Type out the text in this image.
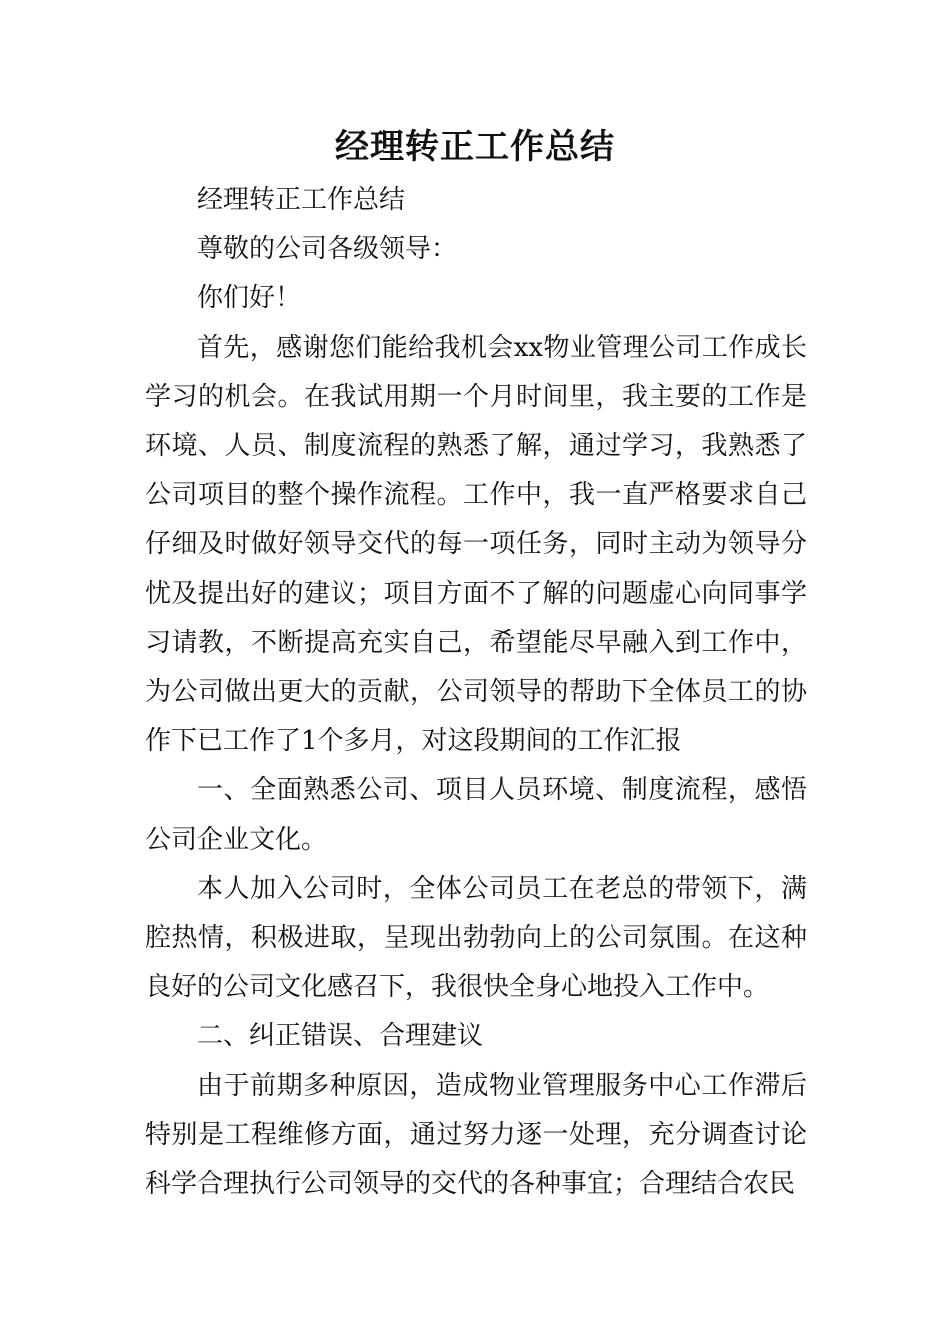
经理转正工作总结

经理转正工作总结

尊敬的公司各级领导：

你们好！

首先，感谢您们能给我机会xx物业管理公司工作成长学习的机会。在我试用期一个月时间里，我主要的工作是环境、人员、制度流程的熟悉了解，通过学习，我熟悉了公司项目的整个操作流程。工作中，我一直严格要求自己仔细及时做好领导交代的每一项任务，同时主动为领导分忧及提出好的建议；项目方面不了解的问题虚心向同事学习请教，不断提高充实自己，希望能尽早融入到工作中，为公司做出更大的贡献，公司领导的帮助下全体员工的协作下已工作了1个多月，对这段期间的工作汇报

一、全面熟悉公司、项目人员环境、制度流程，感悟公司企业文化。

本人加入公司时，全体公司员工在老总的带领下，满腔热情，积极进取，呈现出勃勃向上的公司氛围。在这种良好的公司文化感召下，我很快全身心地投入工作中。

二、纠正错误、合理建议

由于前期多种原因，造成物业管理服务中心工作滞后特别是工程维修方面，通过努力逐一处理，充分调查讨论科学合理执行公司领导的交代的各种事宜；合理结合农民
